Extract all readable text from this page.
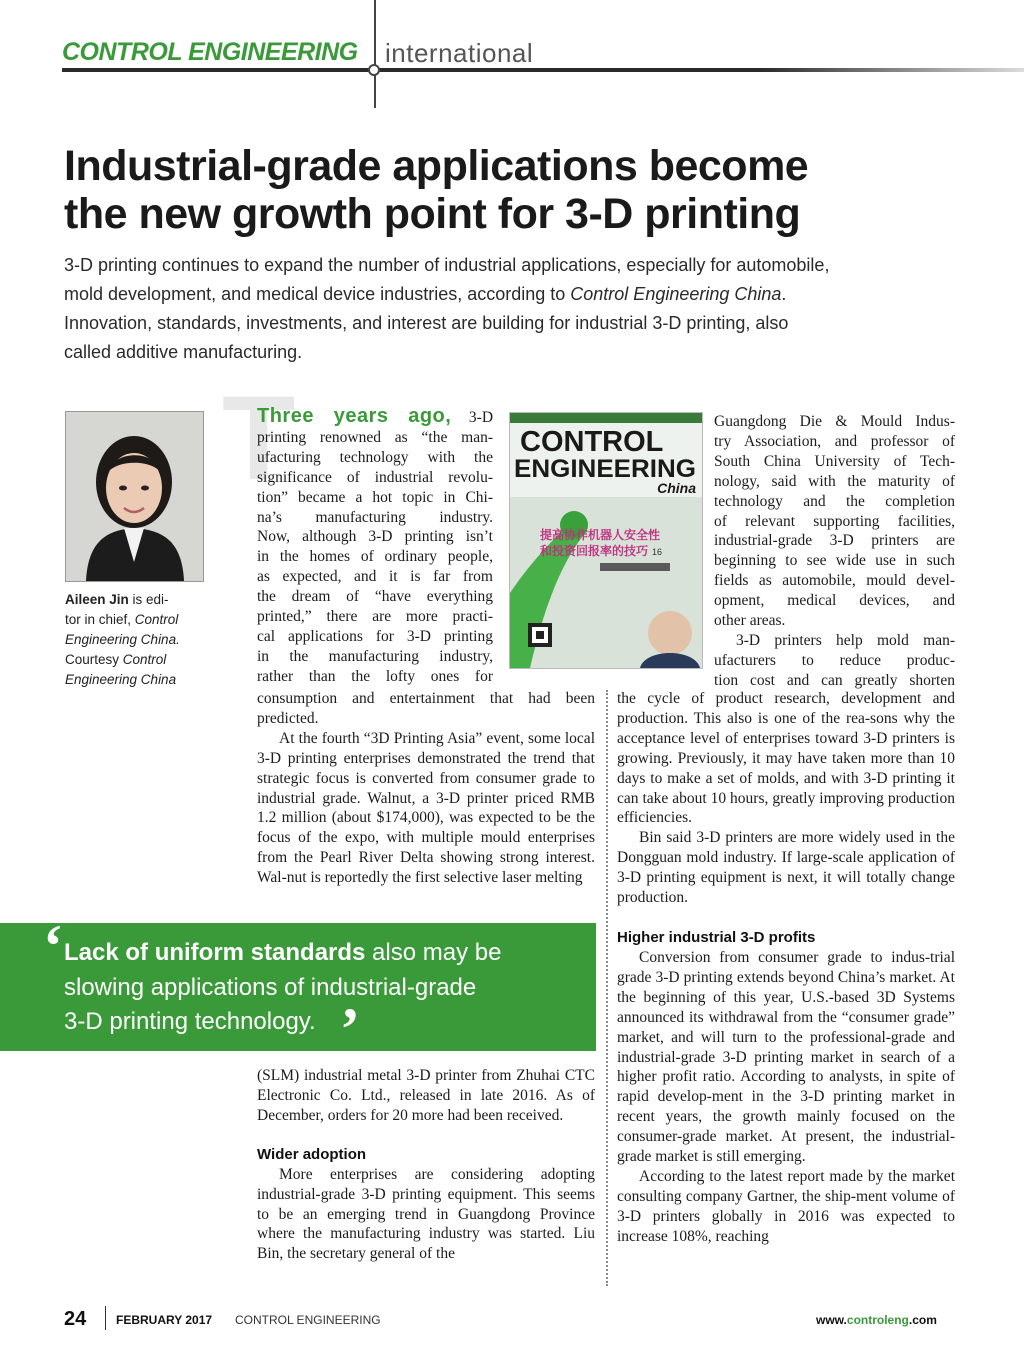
CONTROL ENGINEERING international
Industrial-grade applications become
the new growth point for 3-D printing
3-D printing continues to expand the number of industrial applications, especially for automobile,
mold development, and medical device industries, according to Control Engineering China.
Innovation, standards, investments, and interest are building for industrial 3-D printing, also
called additive manufacturing.
Aileen Jin is edi-
tor in chief, Control
Engineering China.
Courtesy Control
Engineering China
T
Three years ago, 3-D
printing renowned as “the man-
ufacturing technology with the
significance of industrial revolu-
tion” became a hot topic in Chi-
na’s manufacturing industry.
Now, although 3-D printing isn’t
in the homes of ordinary people,
as expected, and it is far from
the dream of “have everything
printed,” there are more practi-
cal applications for 3-D printing
in the manufacturing industry,
rather than the lofty ones for
consumption and entertainment that had been
predicted.

At the fourth “3D Printing Asia” event, some local 3-D printing enterprises demonstrated the trend that strategic focus is converted from consumer grade to industrial grade. Walnut, a 3-D printer priced RMB 1.2 million (about $174,000), was expected to be the focus of the expo, with multiple mould enterprises from the Pearl River Delta showing strong interest. Wal-nut is reportedly the first selective laser melting

‘ Lack of uniform standards also may be
slowing applications of industrial-grade
3-D printing technology. ’

(SLM) industrial metal 3-D printer from Zhuhai CTC Electronic Co. Ltd., released in late 2016. As of December, orders for 20 more had been received.

Wider adoption

More enterprises are considering adopting industrial-grade 3-D printing equipment. This seems to be an emerging trend in Guangdong Province where the manufacturing industry was started. Liu Bin, the secretary general of the

CONTROL
ENGINEERING
China
提高协作机器人安全性
和投资回报率的技巧 16
Guangdong Die & Mould Indus-
try Association, and professor of
South China University of Tech-
nology, said with the maturity of
technology and the completion
of relevant supporting facilities,
industrial-grade 3-D printers are
beginning to see wide use in such
fields as automobile, mould devel-
opment, medical devices, and
other areas.
3-D printers help mold man-
ufacturers to reduce produc-
tion cost and can greatly shorten

the cycle of product research, development and production. This also is one of the rea-sons why the acceptance level of enterprises toward 3-D printers is growing. Previously, it may have taken more than 10 days to make a set of molds, and with 3-D printing it can take about 10 hours, greatly improving production efficiencies.

Bin said 3-D printers are more widely used in the Dongguan mold industry. If large-scale application of 3-D printing equipment is next, it will totally change production.

Higher industrial 3-D profits

Conversion from consumer grade to indus-trial grade 3-D printing extends beyond China’s market. At the beginning of this year, U.S.-based 3D Systems announced its withdrawal from the “consumer grade” market, and will turn to the professional-grade and industrial-grade 3-D printing market in search of a higher profit ratio. According to analysts, in spite of rapid develop-ment in the 3-D printing market in recent years, the growth mainly focused on the consumer-grade market. At present, the industrial-grade market is still emerging.

According to the latest report made by the market consulting company Gartner, the ship-ment volume of 3-D printers globally in 2016 was expected to increase 108%, reaching

24 FEBRUARY 2017 CONTROL ENGINEERING	www.controleng.com
